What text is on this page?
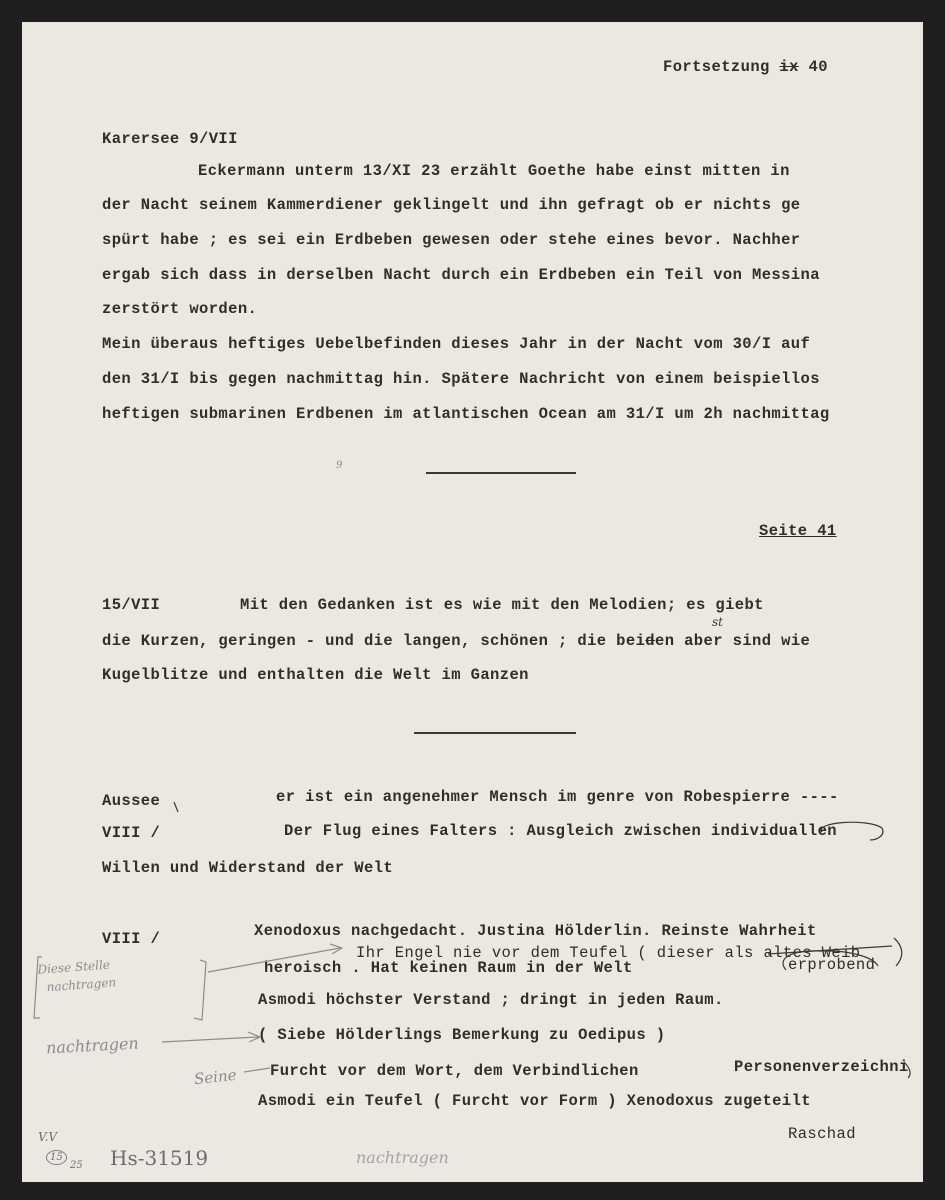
Fortsetzung ix 40
Karersee 9/VII
Eckermann unterm 13/XI 23 erzählt Goethe habe einst mitten in
der Nacht seinem Kammerdiener geklingelt und ihn gefragt ob er nichts ge
spürt habe ; es sei ein Erdbeben gewesen oder stehe eines bevor. Nachher
ergab sich dass in derselben Nacht durch ein Erdbeben ein Teil von Messina
zerstört worden.
Mein überaus heftiges Uebelbefinden dieses Jahr in der Nacht vom 30/I auf
den 31/I bis gegen nachmittag hin. Spätere Nachricht von einem beispiellos
heftigen submarinen Erdbenen im atlantischen Ocean am 31/I um 2h nachmittag
9
Seite 41
15/VII	Mit den Gedanken ist es wie mit den Melodien; es giebt
die Kurzen, geringen - und die langen, schönen ; die beiden aber sind wie
st
Kugelblitze und enthalten die Welt im Ganzen
Aussee
VIII /
er ist ein angenehmer Mensch im genre von Robespierre ----
Der Flug eines Falters : Ausgleich zwischen individuallen
Willen und Widerstand der Welt
VIII /	Xenodoxus nachgedacht. Justina Hölderlin. Reinste Wahrheit
Ihr Engel nie vor dem Teufel ( dieser als altes Weib
heroisch . Hat keinen Raum in der Welt	erprobend
Asmodi höchster Verstand ; dringt in jeden Raum.
( Siebe Hölderlings Bemerkung zu Oedipus )
Furcht vor dem Wort, dem Verbindlichen	Personenverzeichni
Asmodi ein Teufel ( Furcht vor Form ) Xenodoxus zugeteilt
Raschad
Diese Stelle
nachtragen
nachtragen
Seine
nachtragen
V.V
15
25 Hs-31519
